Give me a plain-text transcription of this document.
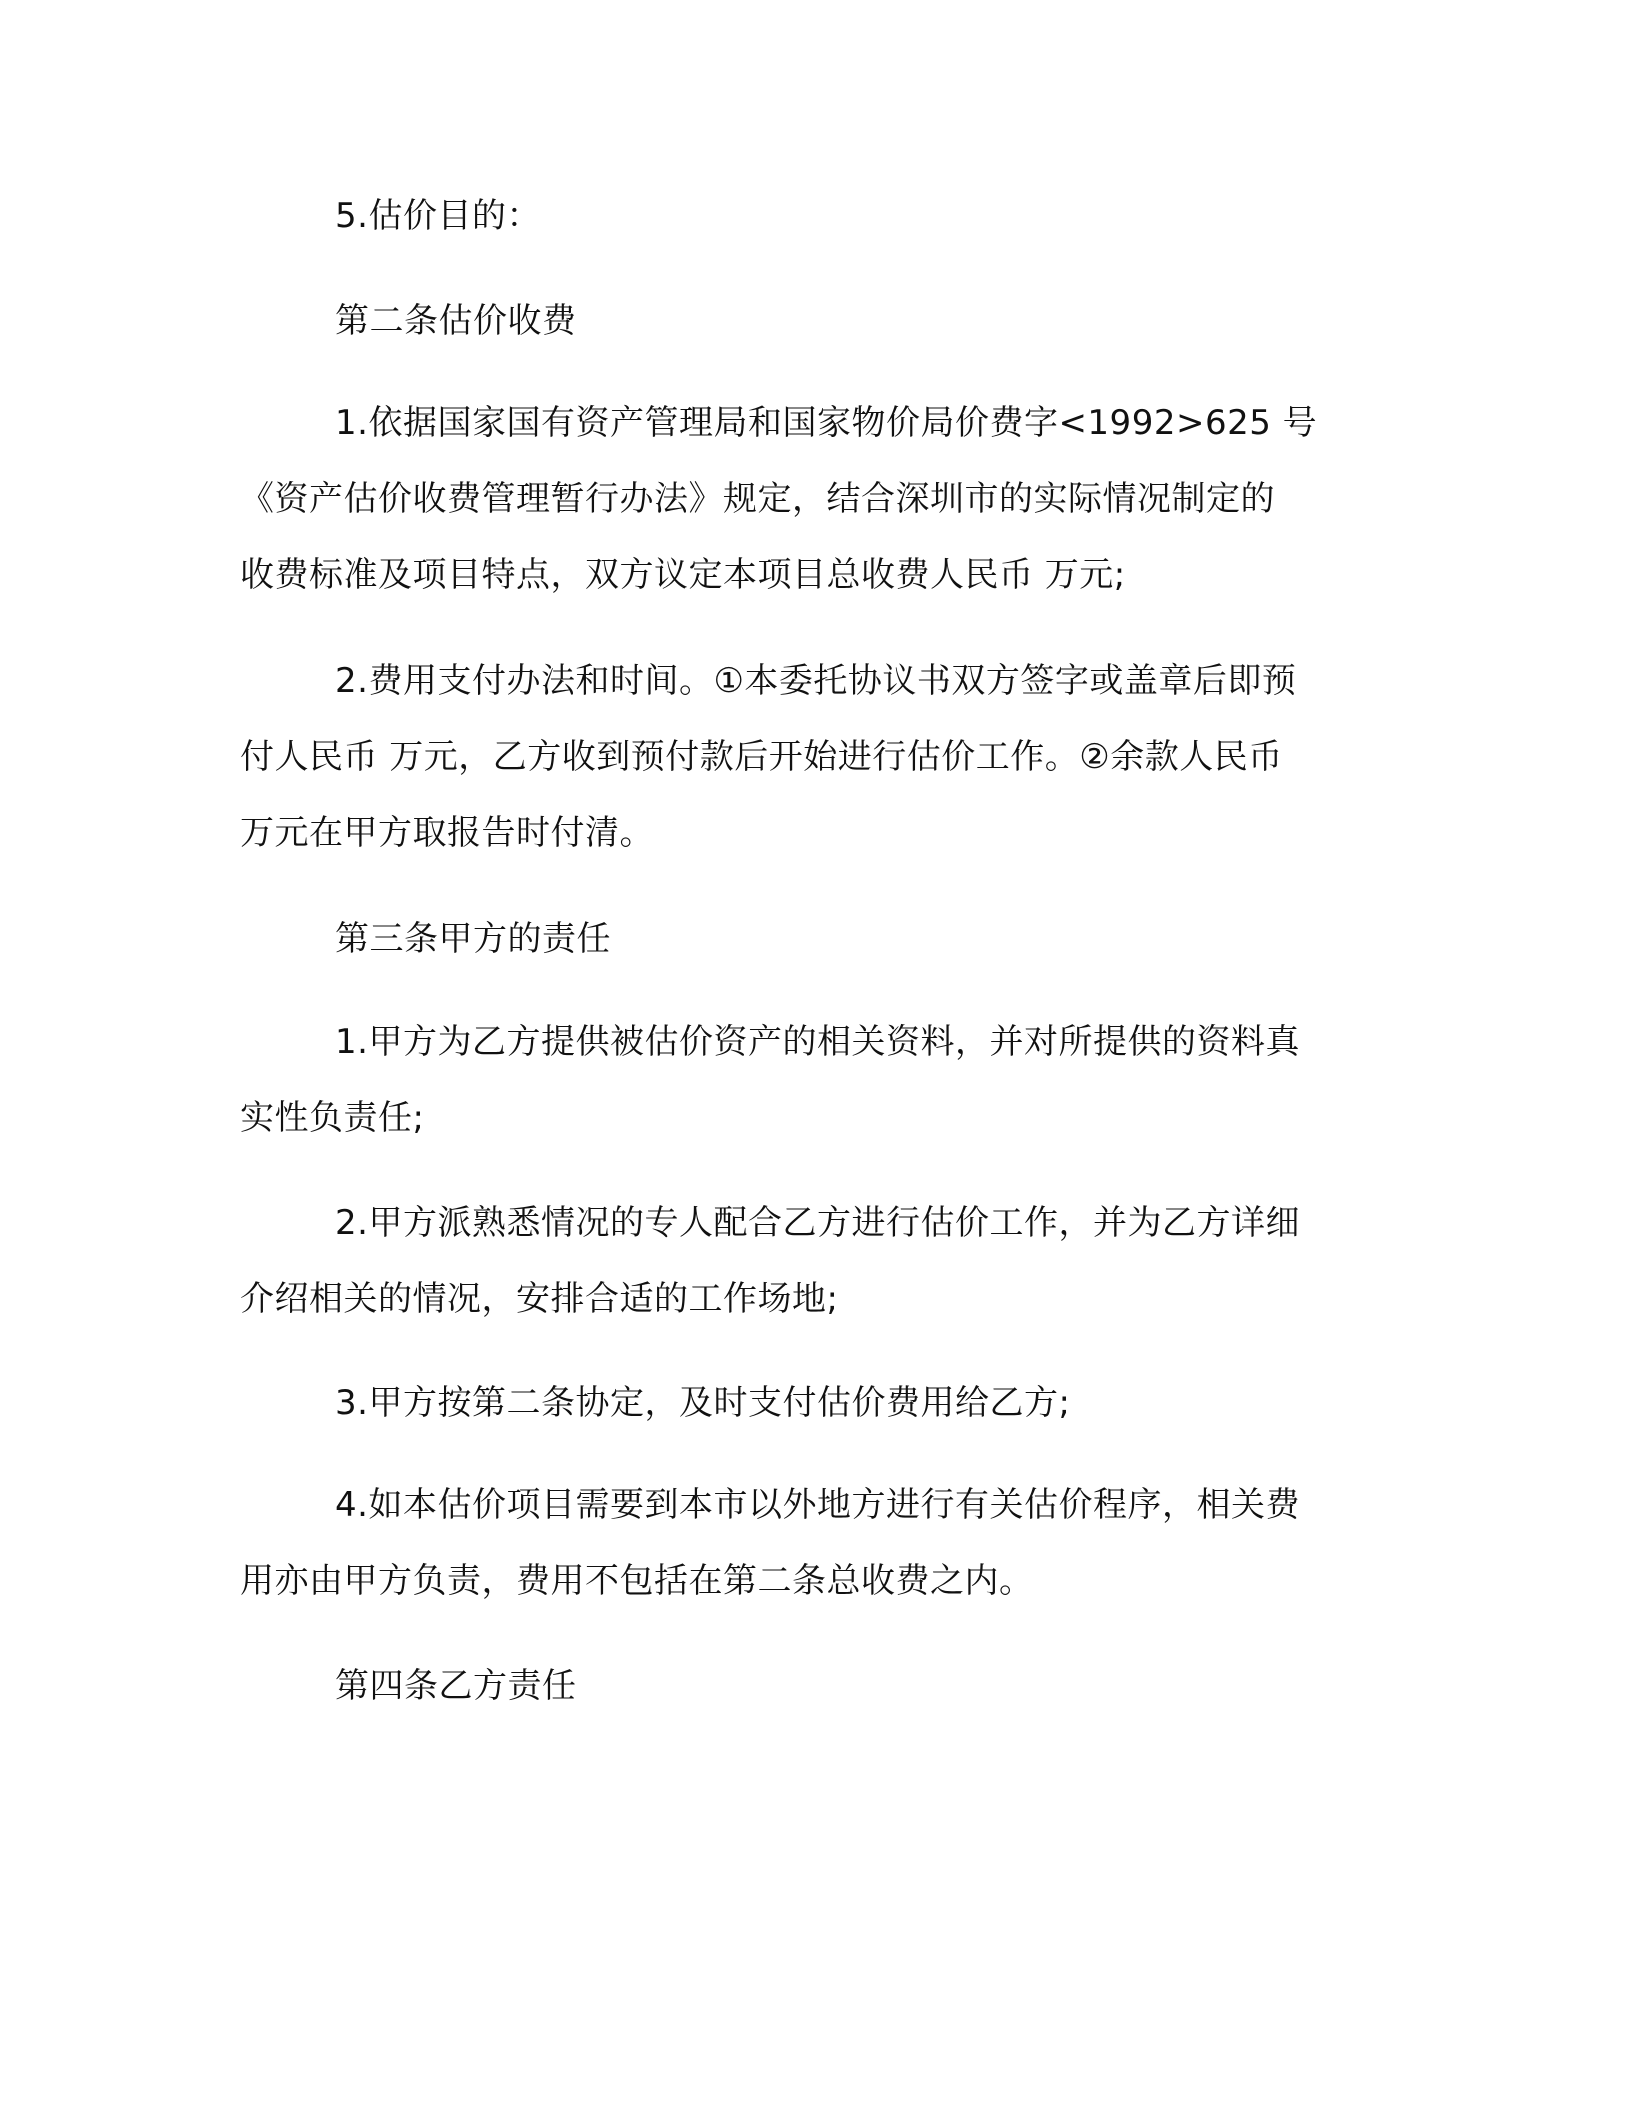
5.估价目的：
第二条估价收费
1.依据国家国有资产管理局和国家物价局价费字<1992>625 号
《资产估价收费管理暂行办法》规定，结合深圳市的实际情况制定的
收费标准及项目特点，双方议定本项目总收费人民币 万元;
2.费用支付办法和时间。①本委托协议书双方签字或盖章后即预
付人民币 万元，乙方收到预付款后开始进行估价工作。②余款人民币
万元在甲方取报告时付清。
第三条甲方的责任
1.甲方为乙方提供被估价资产的相关资料，并对所提供的资料真
实性负责任;
2.甲方派熟悉情况的专人配合乙方进行估价工作，并为乙方详细
介绍相关的情况，安排合适的工作场地;
3.甲方按第二条协定，及时支付估价费用给乙方;
4.如本估价项目需要到本市以外地方进行有关估价程序，相关费
用亦由甲方负责，费用不包括在第二条总收费之内。
第四条乙方责任
